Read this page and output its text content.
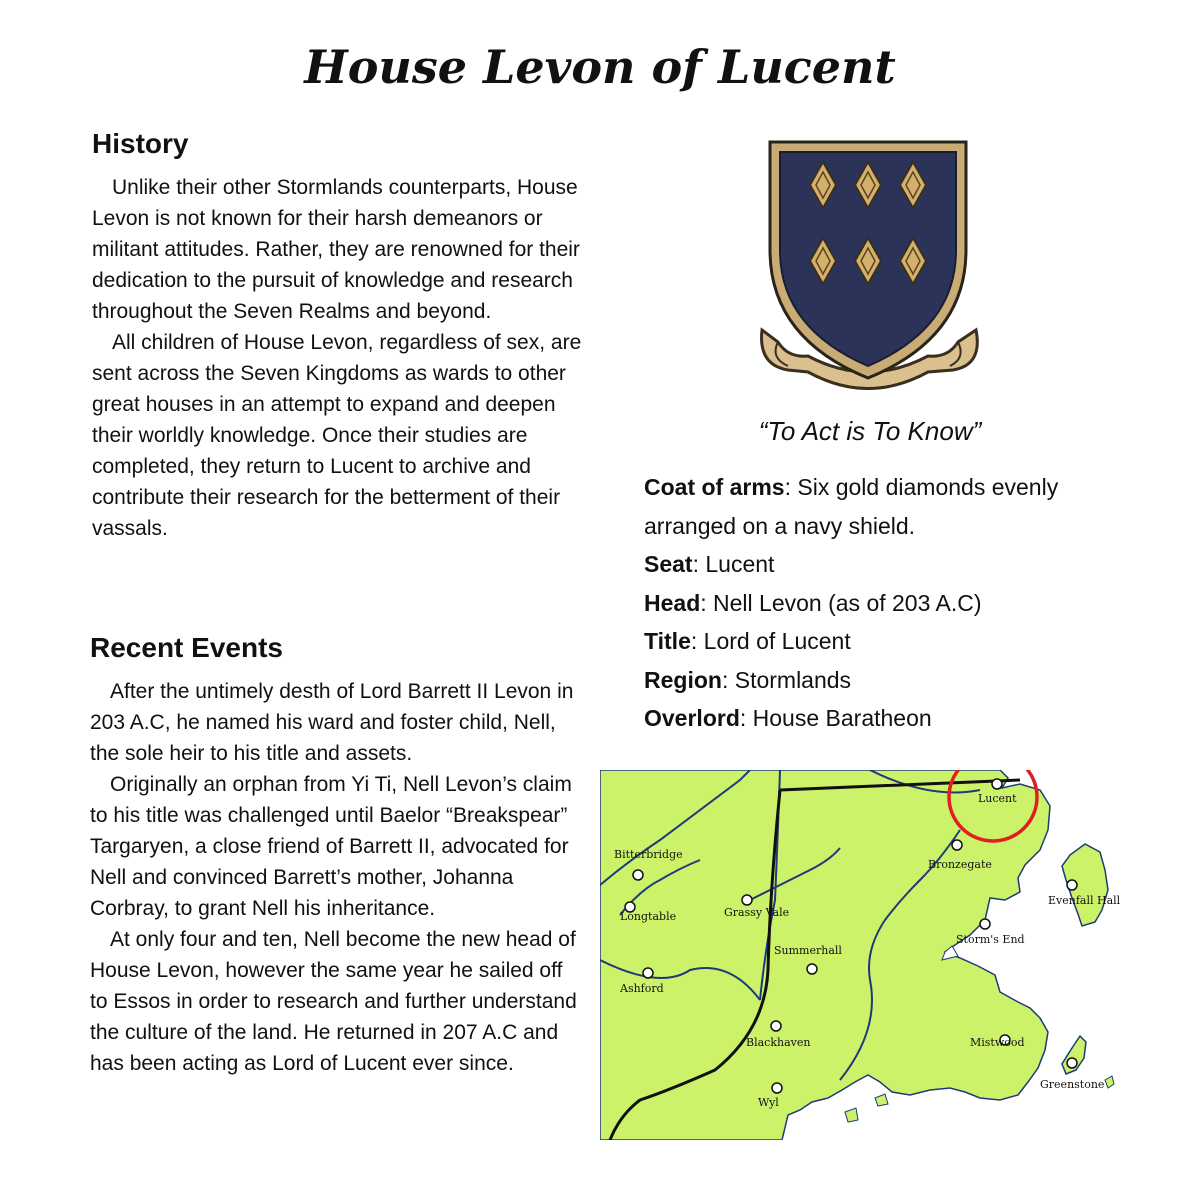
House Levon of Lucent
History

Unlike their other Stormlands counterparts, House Levon is not known for their harsh demeanors or militant attitudes. Rather, they are renowned for their dedication to the pursuit of knowledge and research throughout the Seven Realms and beyond.

All children of House Levon, regardless of sex, are sent across the Seven Kingdoms as wards to other great houses in an attempt to expand and deepen their worldly knowledge. Once their studies are completed, they return to Lucent to archive and contribute their research for the betterment of their vassals.

Recent Events

After the untimely desth of Lord Barrett II Levon in 203 A.C, he named his ward and foster child, Nell, the sole heir to his title and assets.

Originally an orphan from Yi Ti, Nell Levon’s claim to his title was challenged until Baelor “Breakspear” Targaryen, a close friend of Barrett II, advocated for Nell and convinced Barrett’s mother, Johanna Corbray, to grant Nell his inheritance.

At only four and ten, Nell become the new head of House Levon, however the same year he sailed off to Essos in order to research and further understand the culture of the land. He returned in 207 A.C and has been acting as Lord of Lucent ever since.

“To Act is To Know”

Coat of arms: Six gold diamonds evenly arranged on a navy shield.

Seat: Lucent

Head: Nell Levon (as of 203 A.C)

Title: Lord of Lucent

Region: Stormlands

Overlord: House Baratheon

Lucent
Bitterbridge
Bronzegate
Evenfall Hall
Longtable	Grassy Vale
Storm's End
Summerhall
Ashford
Blackhaven	Mistwood
Greenstone
Wyl
